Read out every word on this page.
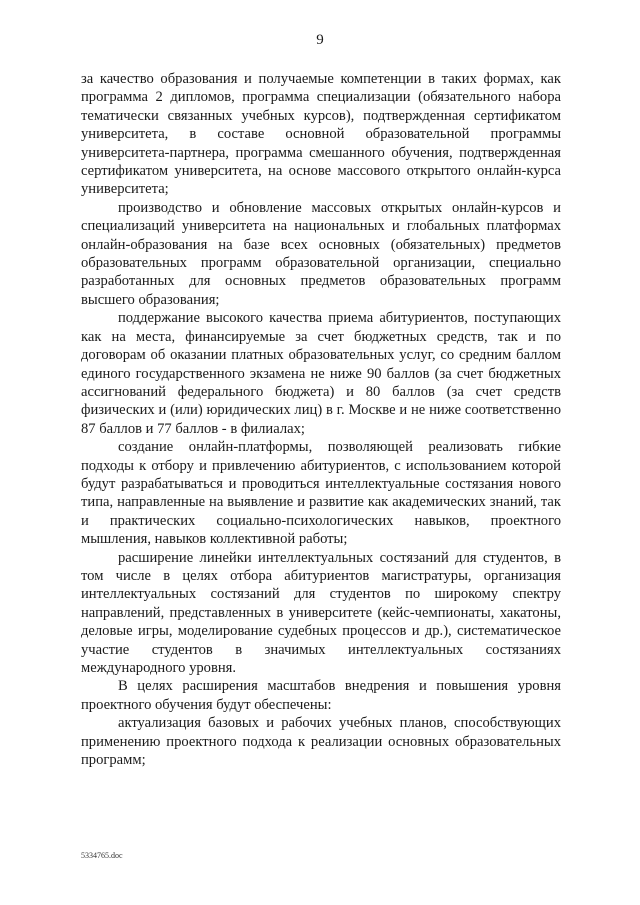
9

за качество образования и получаемые компетенции в таких формах, как программа 2 дипломов, программа специализации (обязательного набора тематически связанных учебных курсов), подтвержденная сертификатом университета, в составе основной образовательной программы университета-партнера, программа смешанного обучения, подтвержденная сертификатом университета, на основе массового открытого онлайн-курса университета;

производство и обновление массовых открытых онлайн-курсов и специализаций университета на национальных и глобальных платформах онлайн-образования на базе всех основных (обязательных) предметов образовательных программ образовательной организации, специально разработанных для основных предметов образовательных программ высшего образования;

поддержание высокого качества приема абитуриентов, поступающих как на места, финансируемые за счет бюджетных средств, так и по договорам об оказании платных образовательных услуг, со средним баллом единого государственного экзамена не ниже 90 баллов (за счет бюджетных ассигнований федерального бюджета) и 80 баллов (за счет средств физических и (или) юридических лиц) в г. Москве и не ниже соответственно 87 баллов и 77 баллов - в филиалах;

создание онлайн-платформы, позволяющей реализовать гибкие подходы к отбору и привлечению абитуриентов, с использованием которой будут разрабатываться и проводиться интеллектуальные состязания нового типа, направленные на выявление и развитие как академических знаний, так и практических социально-психологических навыков, проектного мышления, навыков коллективной работы;

расширение линейки интеллектуальных состязаний для студентов, в том числе в целях отбора абитуриентов магистратуры, организация интеллектуальных состязаний для студентов по широкому спектру направлений, представленных в университете (кейс-чемпионаты, хакатоны, деловые игры, моделирование судебных процессов и др.), систематическое участие студентов в значимых интеллектуальных состязаниях международного уровня.

В целях расширения масштабов внедрения и повышения уровня проектного обучения будут обеспечены:

актуализация базовых и рабочих учебных планов, способствующих применению проектного подхода к реализации основных образовательных программ;

5334765.doc
